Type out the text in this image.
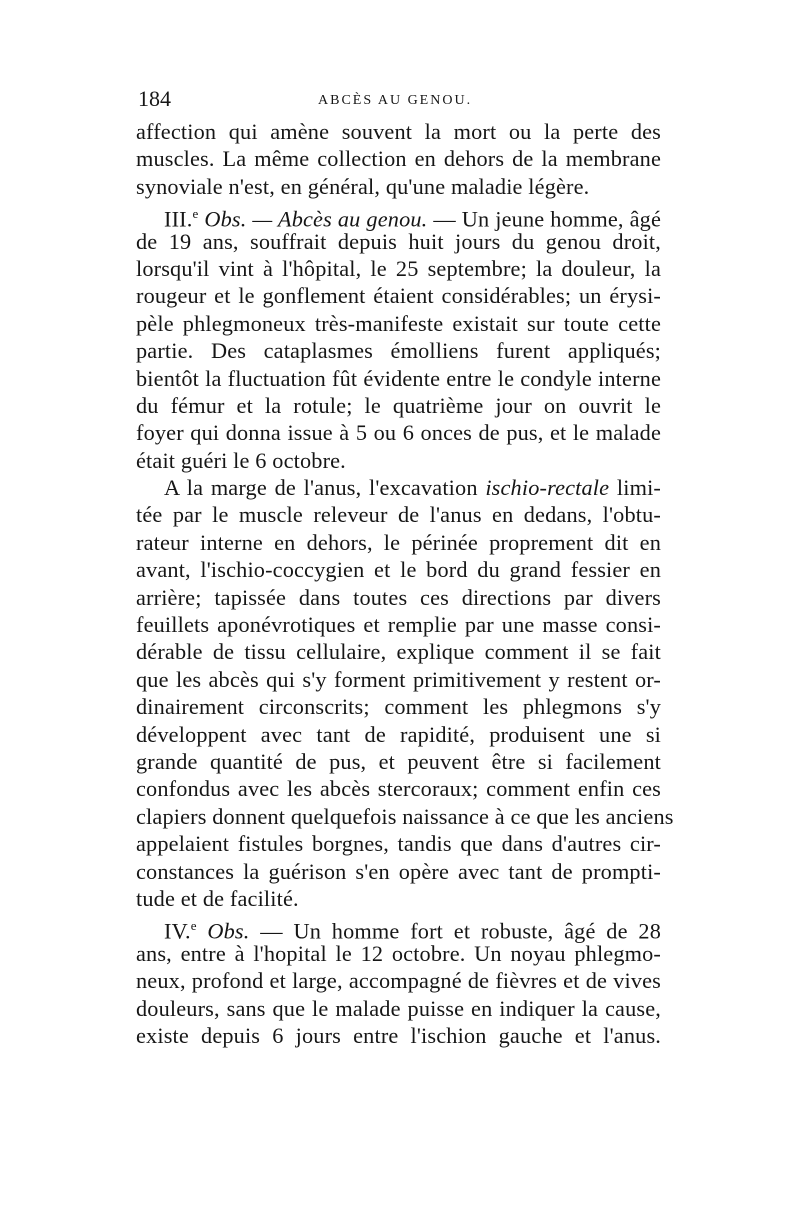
184	ABCÈS AU GENOU.
affection qui amène souvent la mort ou la perte des
muscles. La même collection en dehors de la membrane
synoviale n'est, en général, qu'une maladie légère.
III.$^e$ Obs. — Abcès au genou. — Un jeune homme, âgé
de 19 ans, souffrait depuis huit jours du genou droit,
lorsqu'il vint à l'hôpital, le 25 septembre; la douleur, la
rougeur et le gonflement étaient considérables; un érysi-
pèle phlegmoneux très-manifeste existait sur toute cette
partie. Des cataplasmes émolliens furent appliqués;
bientôt la fluctuation fût évidente entre le condyle interne
du fémur et la rotule; le quatrième jour on ouvrit le
foyer qui donna issue à 5 ou 6 onces de pus, et le malade
était guéri le 6 octobre.
A la marge de l'anus, l'excavation ischio-rectale limi-
tée par le muscle releveur de l'anus en dedans, l'obtu-
rateur interne en dehors, le périnée proprement dit en
avant, l'ischio-coccygien et le bord du grand fessier en
arrière; tapissée dans toutes ces directions par divers
feuillets aponévrotiques et remplie par une masse consi-
dérable de tissu cellulaire, explique comment il se fait
que les abcès qui s'y forment primitivement y restent or-
dinairement circonscrits; comment les phlegmons s'y
développent avec tant de rapidité, produisent une si
grande quantité de pus, et peuvent être si facilement
confondus avec les abcès stercoraux; comment enfin ces
clapiers donnent quelquefois naissance à ce que les anciens
appelaient fistules borgnes, tandis que dans d'autres cir-
constances la guérison s'en opère avec tant de prompti-
tude et de facilité.
IV.$^e$ Obs. — Un homme fort et robuste, âgé de 28
ans, entre à l'hopital le 12 octobre. Un noyau phlegmo-
neux, profond et large, accompagné de fièvres et de vives
douleurs, sans que le malade puisse en indiquer la cause,
existe depuis 6 jours entre l'ischion gauche et l'anus.
